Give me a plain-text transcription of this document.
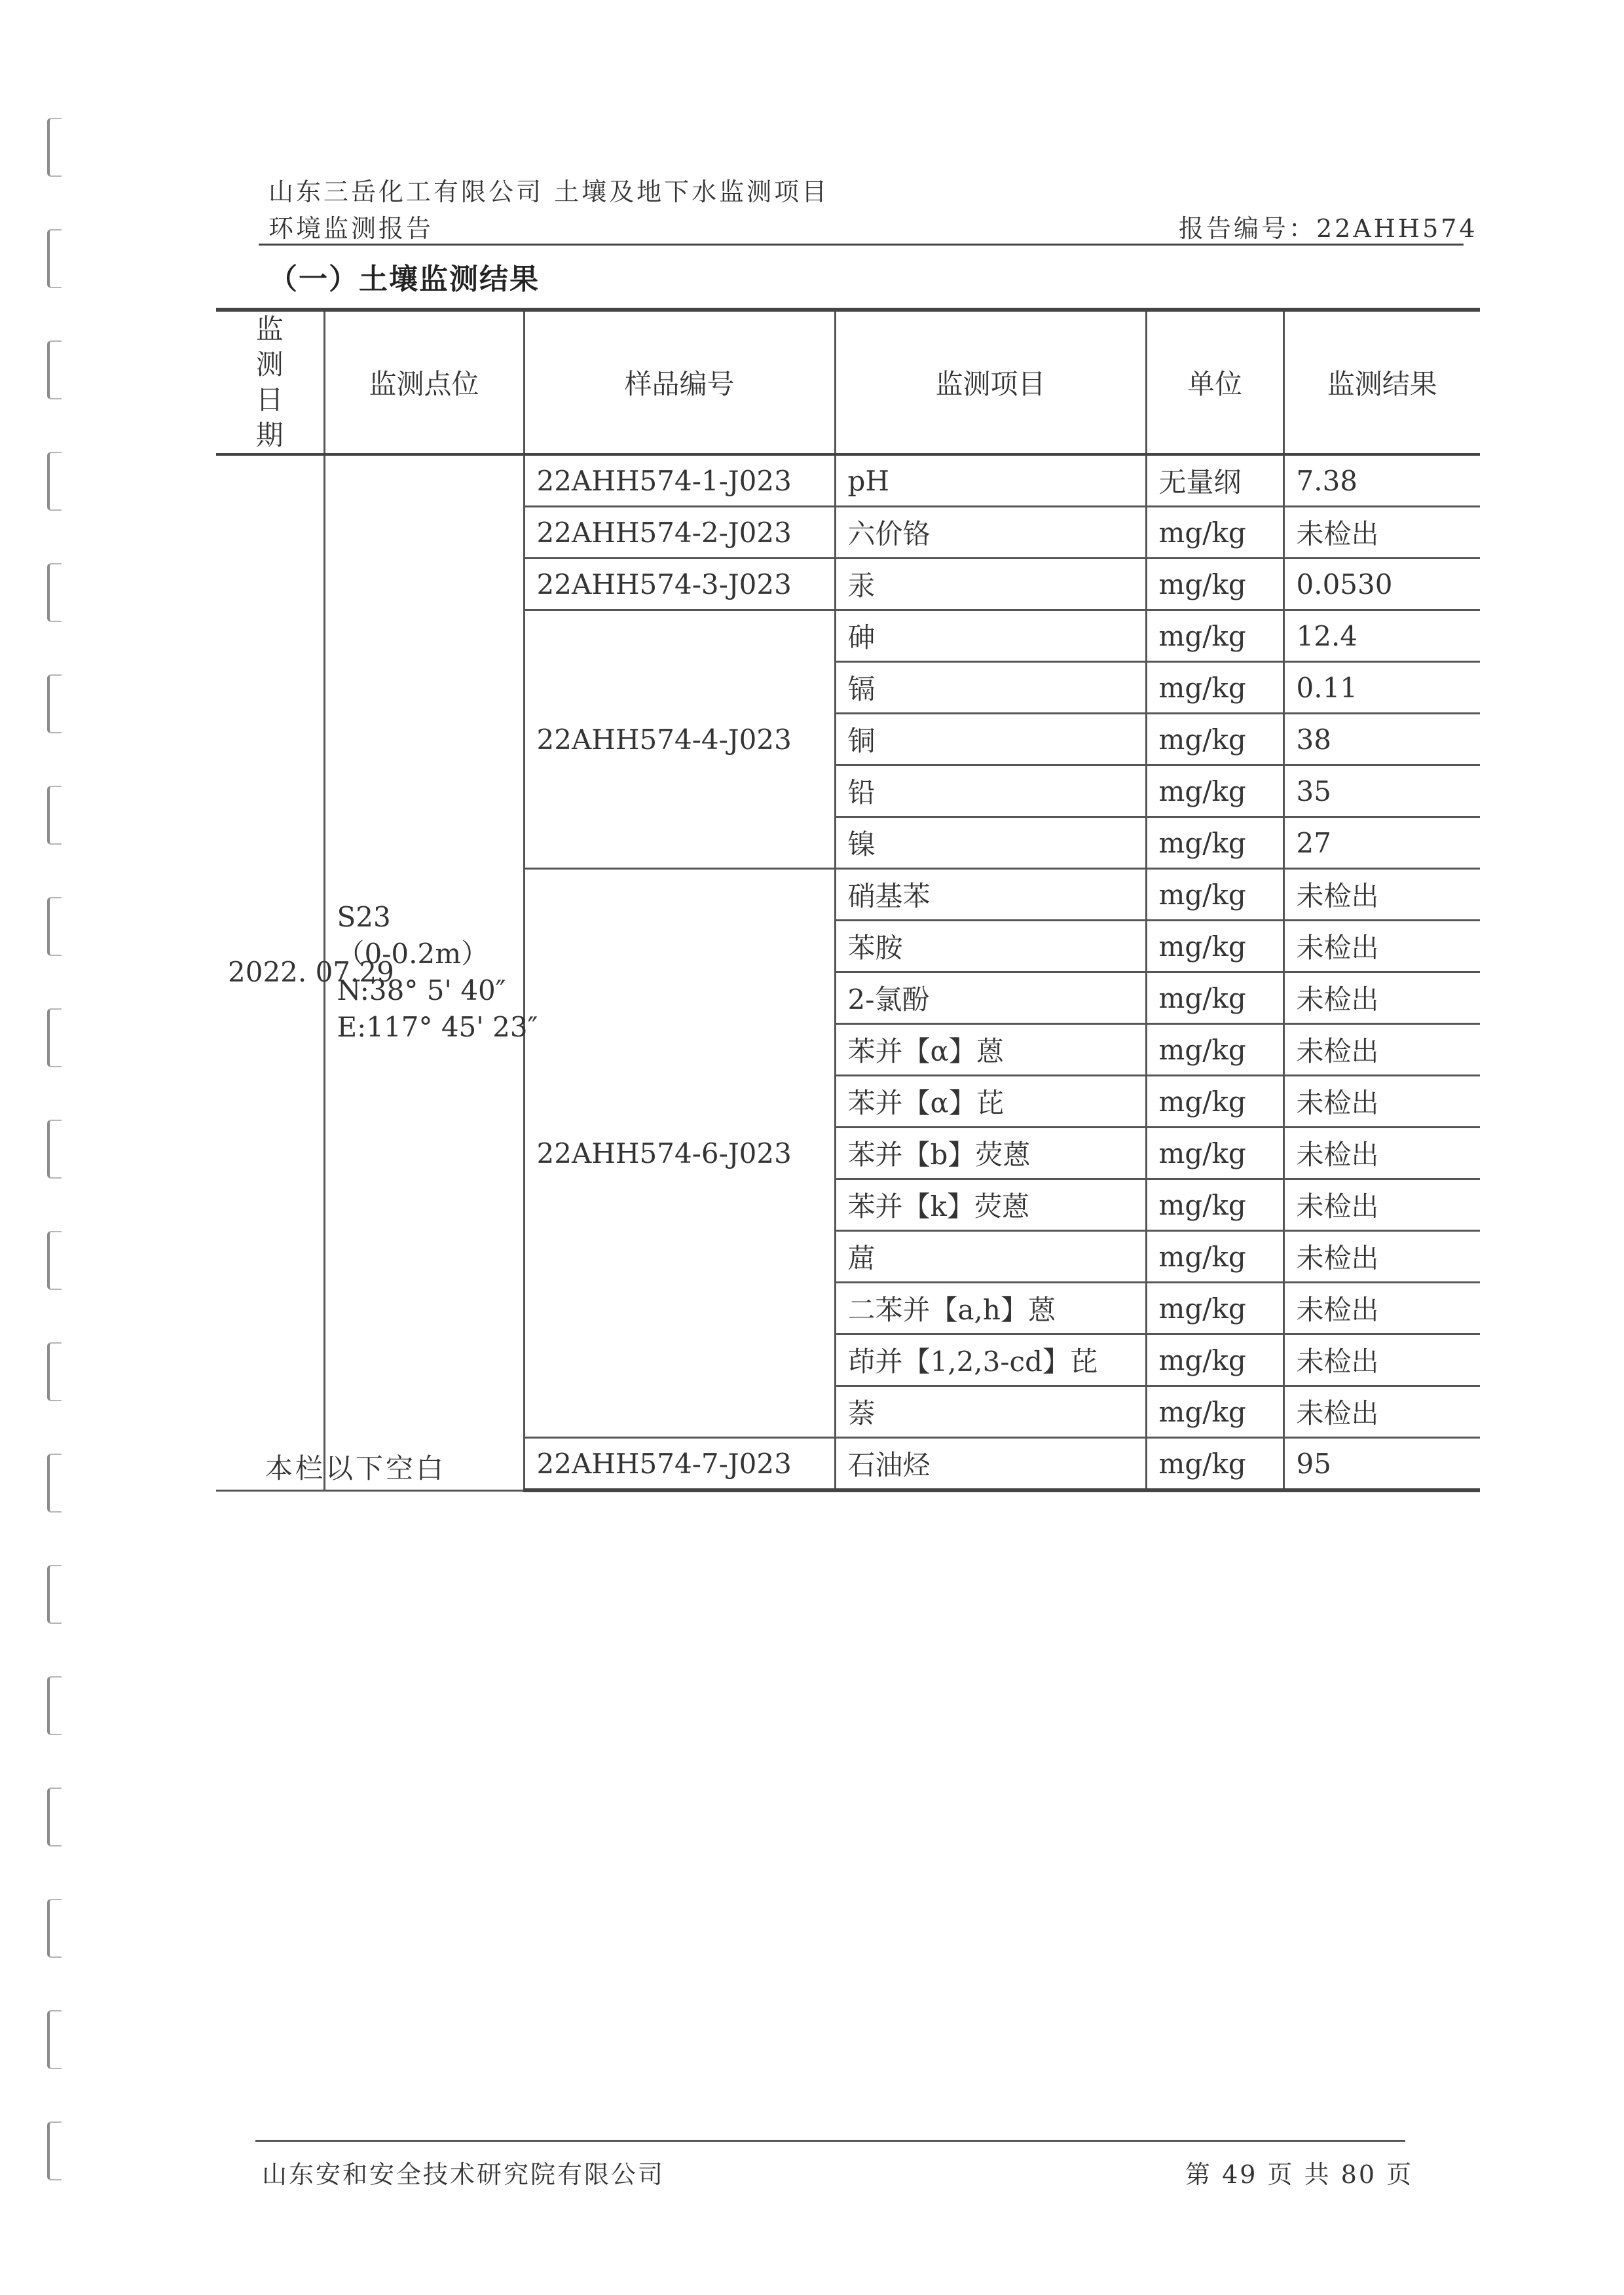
山东三岳化工有限公司 土壤及地下水监测项目
环境监测报告	报告编号：22AHH574
（一）土壤监测结果
监测日期	监测点位	样品编号	监测项目	单位	监测结果
2022. 07.29	S23
（0-0.2m）
N:38° 5' 40″
E:117° 45' 23″	22AHH574-1-J023	pH	无量纲	7.38
		22AHH574-2-J023	六价铬	mg/kg	未检出
		22AHH574-3-J023	汞	mg/kg	0.0530
		22AHH574-4-J023	砷	mg/kg	12.4
			镉	mg/kg	0.11
			铜	mg/kg	38
			铅	mg/kg	35
			镍	mg/kg	27
		22AHH574-6-J023	硝基苯	mg/kg	未检出
			苯胺	mg/kg	未检出
			2-氯酚	mg/kg	未检出
			苯并【α】蒽	mg/kg	未检出
			苯并【α】芘	mg/kg	未检出
			苯并【b】荧蒽	mg/kg	未检出
			苯并【k】荧蒽	mg/kg	未检出
			䓛	mg/kg	未检出
			二苯并【a,h】蒽	mg/kg	未检出
			茚并【1,2,3-cd】芘	mg/kg	未检出
			萘	mg/kg	未检出
		22AHH574-7-J023	石油烃	mg/kg	95
本栏以下空白
山东安和安全技术研究院有限公司	第 49 页 共 80 页
